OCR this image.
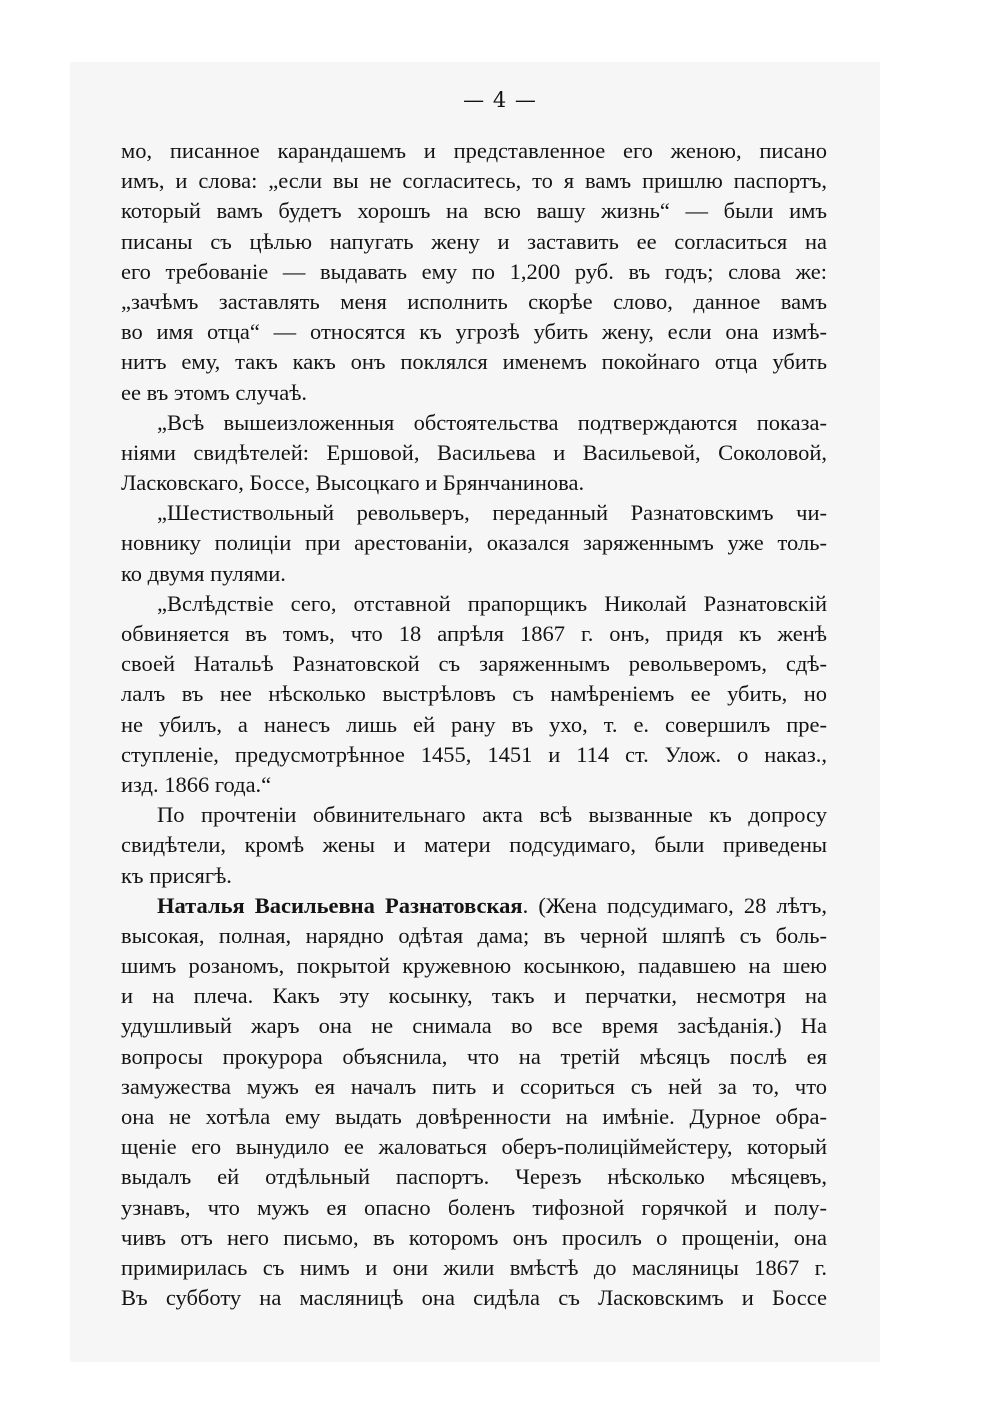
— 4 —
мо, писанное карандашемъ и представленное его женою, писано
имъ, и слова: „если вы не согласитесь, то я вамъ пришлю паспортъ,
который вамъ будетъ хорошъ на всю вашу жизнь“ — были имъ
писаны съ цѣлью напугать жену и заставить ее согласиться на
его требованіе — выдавать ему по 1,200 руб. въ годъ; слова же:
„зачѣмъ заставлять меня исполнить скорѣе слово, данное вамъ
во имя отца“ — относятся къ угрозѣ убить жену, если она измѣ-
нитъ ему, такъ какъ онъ поклялся именемъ покойнаго отца убить
ее въ этомъ случаѣ.
„Всѣ вышеизложенныя обстоятельства подтверждаются показа-
ніями свидѣтелей: Ершовой, Васильева и Васильевой, Соколовой,
Ласковскаго, Боссе, Высоцкаго и Брянчанинова.
„Шестиствольный револьверъ, переданный Разнатовскимъ чи-
новнику полиціи при арестованіи, оказался заряженнымъ уже толь-
ко двумя пулями.
„Вслѣдствіе сего, отставной прапорщикъ Николай Разнатовскій
обвиняется въ томъ, что 18 апрѣля 1867 г. онъ, придя къ женѣ
своей Натальѣ Разнатовской съ заряженнымъ револьверомъ, сдѣ-
лалъ въ нее нѣсколько выстрѣловъ съ намѣреніемъ ее убить, но
не убилъ, а нанесъ лишь ей рану въ ухо, т. е. совершилъ пре-
ступленіе, предусмотрѣнное 1455, 1451 и 114 ст. Улож. о наказ.,
изд. 1866 года.“
По прочтеніи обвинительнаго акта всѣ вызванные къ допросу
свидѣтели, кромѣ жены и матери подсудимаго, были приведены
къ присягѣ.
Наталья Васильевна Разнатовская. (Жена подсудимаго, 28 лѣтъ,
высокая, полная, нарядно одѣтая дама; въ черной шляпѣ съ боль-
шимъ розаномъ, покрытой кружевною косынкою, падавшею на шею
и на плеча. Какъ эту косынку, такъ и перчатки, несмотря на
удушливый жаръ она не снимала во все время засѣданія.) На
вопросы прокурора объяснила, что на третій мѣсяцъ послѣ ея
замужества мужъ ея началъ пить и ссориться съ ней за то, что
она не хотѣла ему выдать довѣренности на имѣніе. Дурное обра-
щеніе его вынудило ее жаловаться оберъ-полиціймейстеру, который
выдалъ ей отдѣльный паспортъ. Черезъ нѣсколько мѣсяцевъ,
узнавъ, что мужъ ея опасно боленъ тифозной горячкой и полу-
чивъ отъ него письмо, въ которомъ онъ просилъ о прощеніи, она
примирилась съ нимъ и они жили вмѣстѣ до масляницы 1867 г.
Въ субботу на масляницѣ она сидѣла съ Ласковскимъ и Боссе
